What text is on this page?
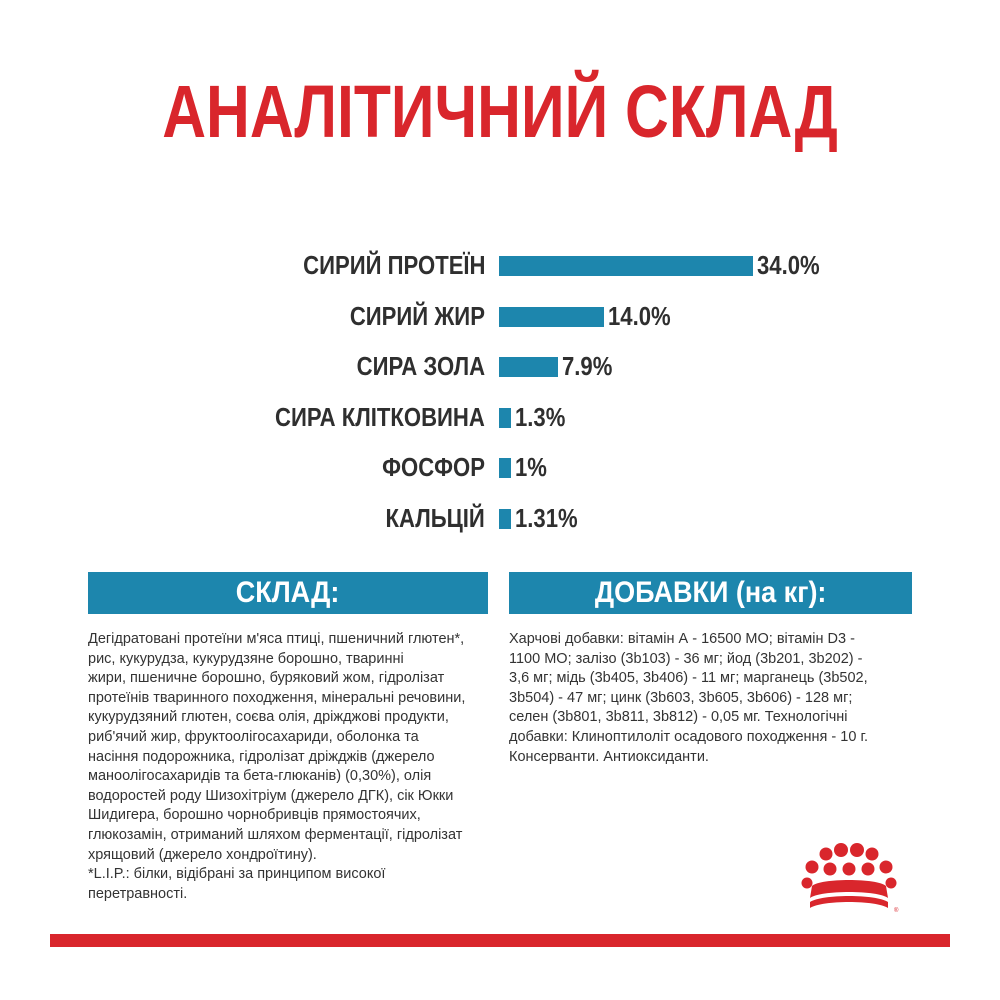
АНАЛІТИЧНИЙ СКЛАД
СИРИЙ ПРОТЕЇН	34.0%
СИРИЙ ЖИР	14.0%
СИРА ЗОЛА	7.9%
СИРА КЛІТКОВИНА 1.3%
ФОСФОР 1%
КАЛЬЦІЙ 1.31%
СКЛАД:	ДОБАВКИ (на кг):

Дегідратовані протеїни м'яса птиці, пшеничний глютен*,

рис, кукурудза, кукурудзяне борошно, тваринні

жири, пшеничне борошно, буряковий жом, гідролізат

протеїнів тваринного походження, мінеральні речовини,

кукурудзяний глютен, соєва олія, дріжджові продукти,

риб'ячий жир, фруктоолігосахариди, оболонка та

насіння подорожника, гідролізат дріжджів (джерело

маноолігосахаридів та бета-глюканів) (0,30%), олія

водоростей роду Шизохітріум (джерело ДГК), сік Юкки

Шидигера, борошно чорнобривців прямостоячих,

глюкозамін, отриманий шляхом ферментації, гідролізат

хрящовий (джерело хондроїтину).

*L.I.P.: білки, відібрані за принципом високої

перетравності.

Харчові добавки: вітамін А - 16500 МО; вітамін D3 -

1100 МО; залізо (3b103) - 36 мг; йод (3b201, 3b202) -

3,6 мг; мідь (3b405, 3b406) - 11 мг; марганець (3b502,

3b504) - 47 мг; цинк (3b603, 3b605, 3b606) - 128 мг;

селен (3b801, 3b811, 3b812) - 0,05 мг. Технологічні

добавки: Клиноптилоліт осадового походження - 10 г.

Консерванти. Антиоксиданти.

®
